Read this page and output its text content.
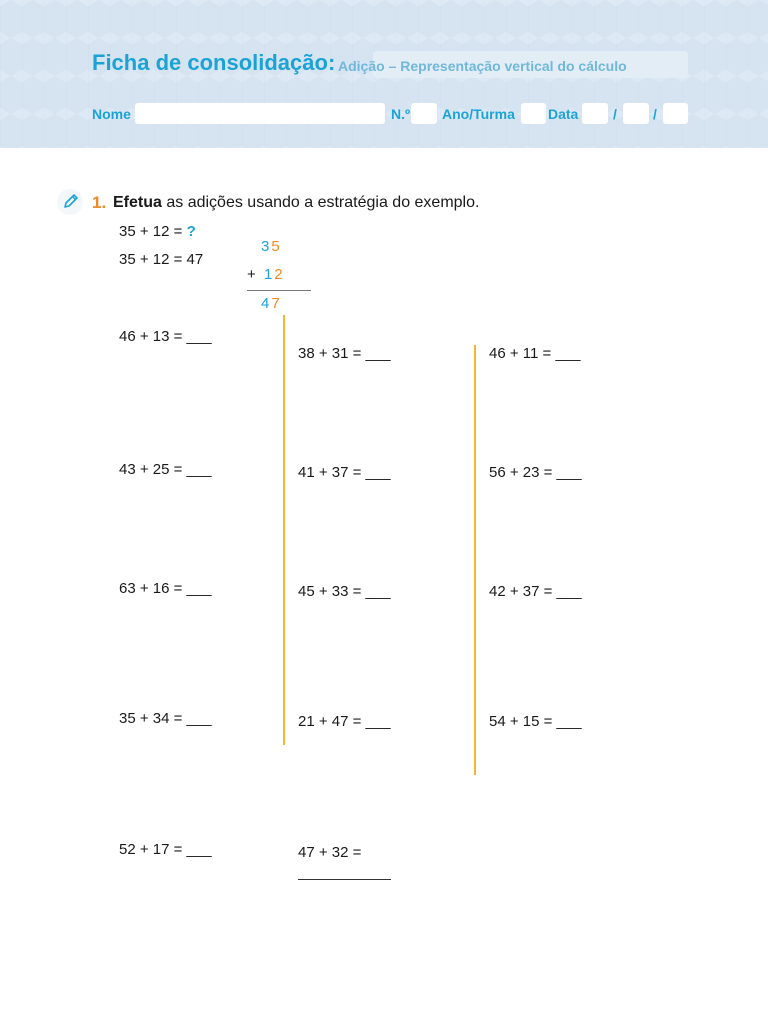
Ficha de consolidação: Adição – Representação vertical do cálculo
Nome	N.º Ano/Turma Data /	/
1. Efetua as adições usando a estratégia do exemplo.
35 + 12 = ?
35 + 12 = 47
35
+ 12
47
46 + 13 = ___
43 + 25 = ___
63 + 16 = ___
35 + 34 = ___
52 + 17 = ___
38 + 31 = ___
41 + 37 = ___
45 + 33 = ___
21 + 47 = ___
47 + 32 =
46 + 11 = ___
56 + 23 = ___
42 + 37 = ___
54 + 15 = ___
